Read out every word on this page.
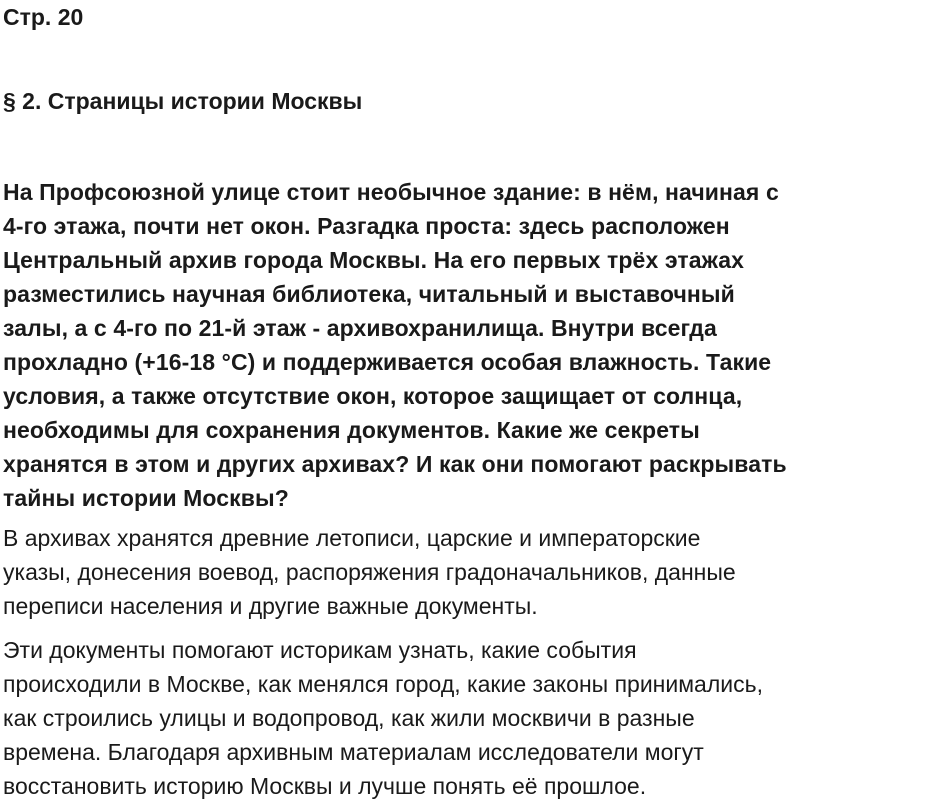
Стр. 20
§ 2. Страницы истории Москвы
На Профсоюзной улице стоит необычное здание: в нём, начиная с
4-го этажа, почти нет окон. Разгадка проста: здесь расположен
Центральный архив города Москвы. На его первых трёх этажах
разместились научная библиотека, читальный и выставочный
залы, а с 4-го по 21-й этаж - архивохранилища. Внутри всегда
прохладно (+16-18 °С) и поддерживается особая влажность. Такие
условия, а также отсутствие окон, которое защищает от солнца,
необходимы для сохранения документов. Какие же секреты
хранятся в этом и других архивах? И как они помогают раскрывать
тайны истории Москвы?
В архивах хранятся древние летописи, царские и императорские
указы, донесения воевод, распоряжения градоначальников, данные
переписи населения и другие важные документы.
Эти документы помогают историкам узнать, какие события
происходили в Москве, как менялся город, какие законы принимались,
как строились улицы и водопровод, как жили москвичи в разные
времена. Благодаря архивным материалам исследователи могут
восстановить историю Москвы и лучше понять её прошлое.
